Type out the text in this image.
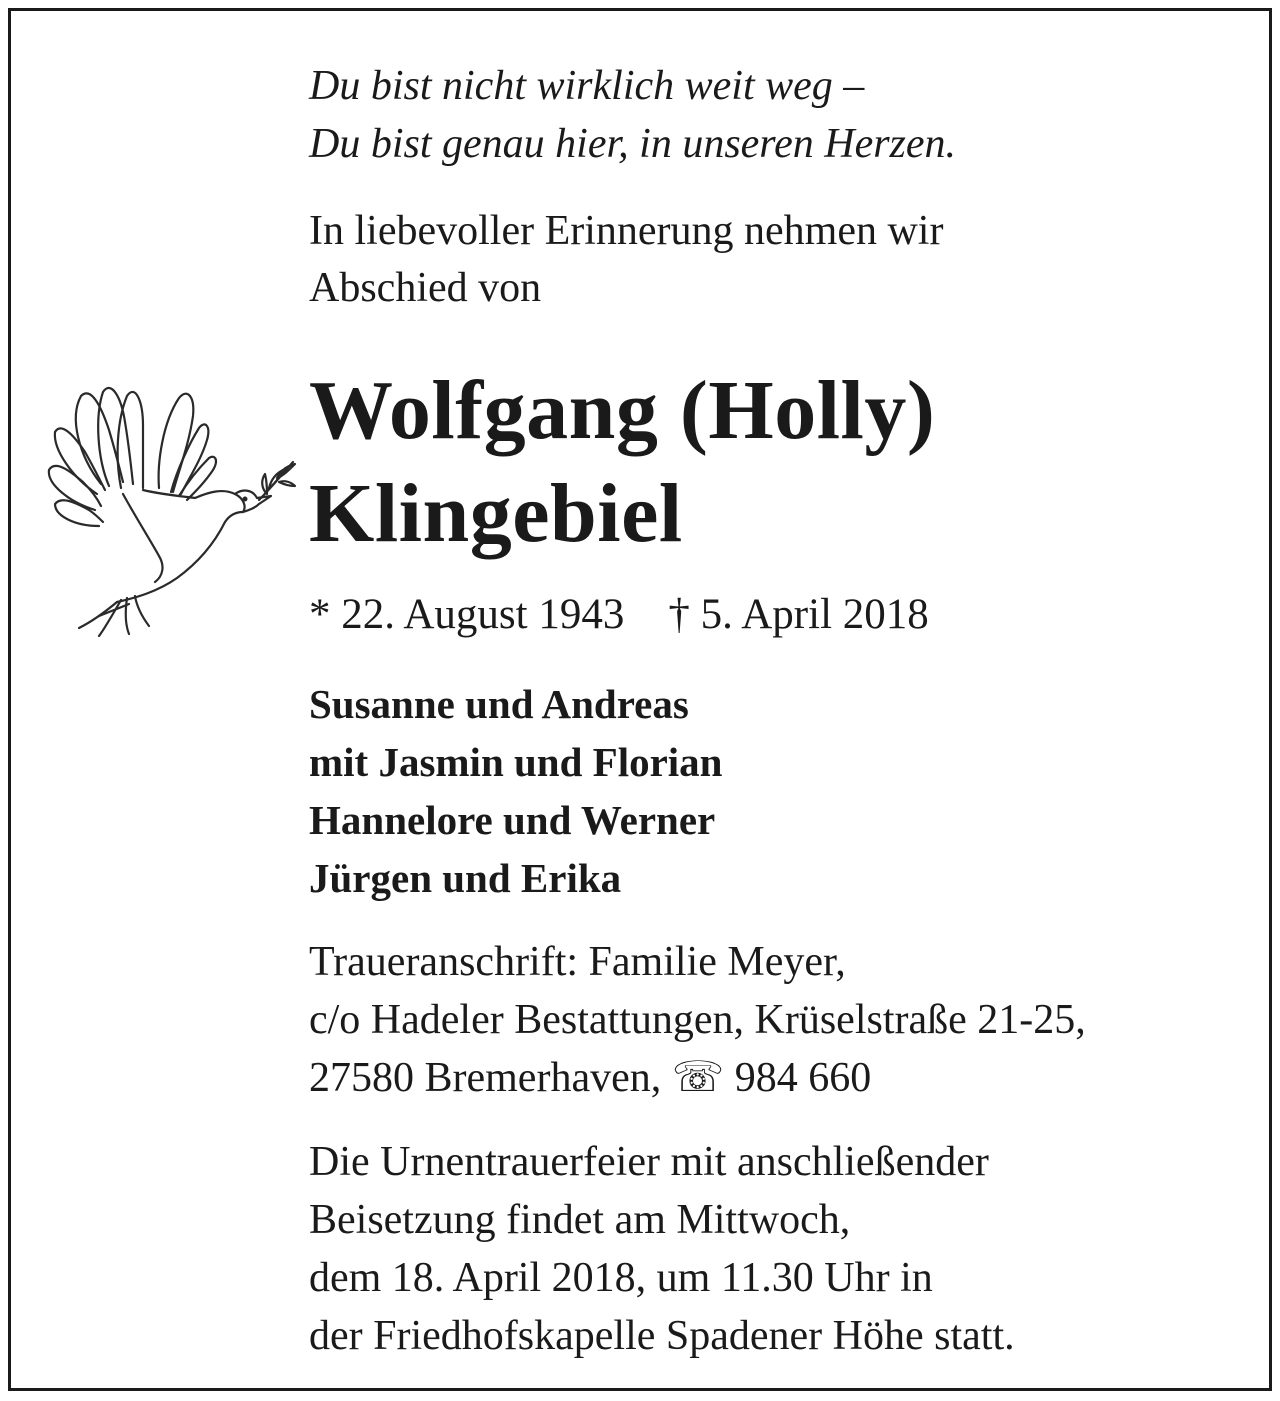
Du bist nicht wirklich weit weg –
Du bist genau hier, in unseren Herzen.
In liebevoller Erinnerung nehmen wir
Abschied von
Wolfgang (Holly)
Klingebiel
* 22. August 1943 † 5. April 2018
Susanne und Andreas
mit Jasmin und Florian
Hannelore und Werner
Jürgen und Erika
Traueranschrift: Familie Meyer,
c/o Hadeler Bestattungen, Krüselstraße 21-25,
27580 Bremerhaven, ☏ 984 660
Die Urnentrauerfeier mit anschließender
Beisetzung findet am Mittwoch,
dem 18. April 2018, um 11.30 Uhr in
der Friedhofskapelle Spadener Höhe statt.
